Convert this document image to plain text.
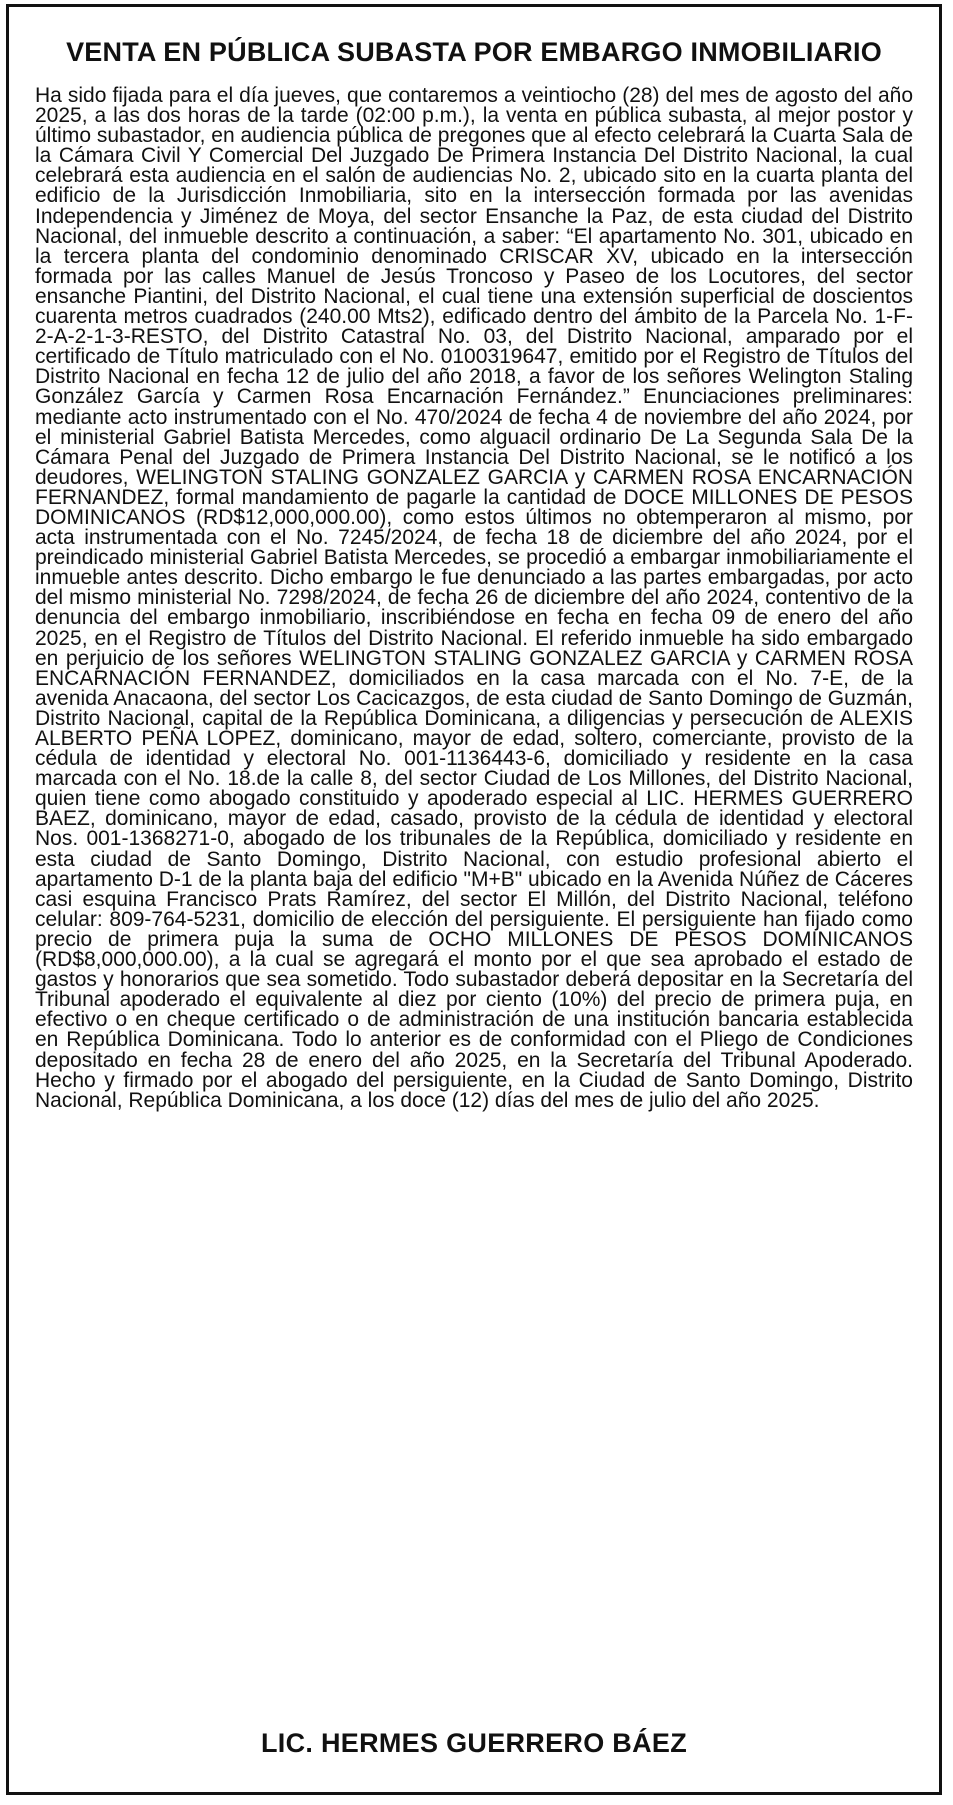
VENTA EN PÚBLICA SUBASTA POR EMBARGO INMOBILIARIO

Ha sido fijada para el día jueves, que contaremos a veintiocho (28) del mes de agosto del año 2025, a las dos horas de la tarde (02:00 p.m.), la venta en pública subasta, al mejor postor y último subastador, en audiencia pública de pregones que al efecto celebrará la Cuarta Sala de la Cámara Civil Y Comercial Del Juzgado De Primera Instancia Del Distrito Nacional, la cual celebrará esta audiencia en el salón de audiencias No. 2, ubicado sito en la cuarta planta del edificio de la Jurisdicción Inmobiliaria, sito en la intersección formada por las avenidas Independencia y Jiménez de Moya, del sector Ensanche la Paz, de esta ciudad del Distrito Nacional, del inmueble descrito a continuación, a saber: “El apartamento No. 301, ubicado en la tercera planta del condominio denominado CRISCAR XV, ubicado en la intersección formada por las calles Manuel de Jesús Troncoso y Paseo de los Locutores, del sector ensanche Piantini, del Distrito Nacional, el cual tiene una extensión superficial de doscientos cuarenta metros cuadrados (240.00 Mts2), edificado dentro del ámbito de la Parcela No. 1-F-2-A-2-1-3-RESTO, del Distrito Catastral No. 03, del Distrito Nacional, amparado por el certificado de Título matriculado con el No. 0100319647, emitido por el Registro de Títulos del Distrito Nacional en fecha 12 de julio del año 2018, a favor de los señores Welington Staling González García y Carmen Rosa Encarnación Fernández.” Enunciaciones preliminares: mediante acto instrumentado con el No. 470/2024 de fecha 4 de noviembre del año 2024, por el ministerial Gabriel Batista Mercedes, como alguacil ordinario De La Segunda Sala De la Cámara Penal del Juzgado de Primera Instancia Del Distrito Nacional, se le notificó a los deudores, WELINGTON STALING GONZALEZ GARCIA y CARMEN ROSA ENCARNACIÓN FERNANDEZ, formal mandamiento de pagarle la cantidad de DOCE MILLONES DE PESOS DOMINICANOS (RD$12,000,000.00), como estos últimos no obtemperaron al mismo, por acta instrumentada con el No. 7245/2024, de fecha 18 de diciembre del año 2024, por el preindicado ministerial Gabriel Batista Mercedes, se procedió a embargar inmobiliariamente el inmueble antes descrito. Dicho embargo le fue denunciado a las partes embargadas, por acto del mismo ministerial No. 7298/2024, de fecha 26 de diciembre del año 2024, contentivo de la denuncia del embargo inmobiliario, inscribiéndose en fecha en fecha 09 de enero del año 2025, en el Registro de Títulos del Distrito Nacional. El referido inmueble ha sido embargado en perjuicio de los señores WELINGTON STALING GONZALEZ GARCIA y CARMEN ROSA ENCARNACIÓN FERNANDEZ, domiciliados en la casa marcada con el No. 7-E, de la avenida Anacaona, del sector Los Cacicazgos, de esta ciudad de Santo Domingo de Guzmán, Distrito Nacional, capital de la República Dominicana, a diligencias y persecución de ALEXIS ALBERTO PEÑA LOPEZ, dominicano, mayor de edad, soltero, comerciante, provisto de la cédula de identidad y electoral No. 001-1136443-6, domiciliado y residente en la casa marcada con el No. 18.de la calle 8, del sector Ciudad de Los Millones, del Distrito Nacional, quien tiene como abogado constituido y apoderado especial al LIC. HERMES GUERRERO BAEZ, dominicano, mayor de edad, casado, provisto de la cédula de identidad y electoral Nos. 001-1368271-0, abogado de los tribunales de la República, domiciliado y residente en esta ciudad de Santo Domingo, Distrito Nacional, con estudio profesional abierto el apartamento D-1 de la planta baja del edificio "M+B" ubicado en la Avenida Núñez de Cáceres casi esquina Francisco Prats Ramírez, del sector El Millón, del Distrito Nacional, teléfono celular: 809-764-5231, domicilio de elección del persiguiente. El persiguiente han fijado como precio de primera puja la suma de OCHO MILLONES DE PESOS DOMINICANOS (RD$8,000,000.00), a la cual se agregará el monto por el que sea aprobado el estado de gastos y honorarios que sea sometido. Todo subastador deberá depositar en la Secretaría del Tribunal apoderado el equivalente al diez por ciento (10%) del precio de primera puja, en efectivo o en cheque certificado o de administración de una institución bancaria establecida en República Dominicana. Todo lo anterior es de conformidad con el Pliego de Condiciones depositado en fecha 28 de enero del año 2025, en la Secretaría del Tribunal Apoderado. Hecho y firmado por el abogado del persiguiente, en la Ciudad de Santo Domingo, Distrito Nacional, República Dominicana, a los doce (12) días del mes de julio del año 2025.

LIC. HERMES GUERRERO BÁEZ
